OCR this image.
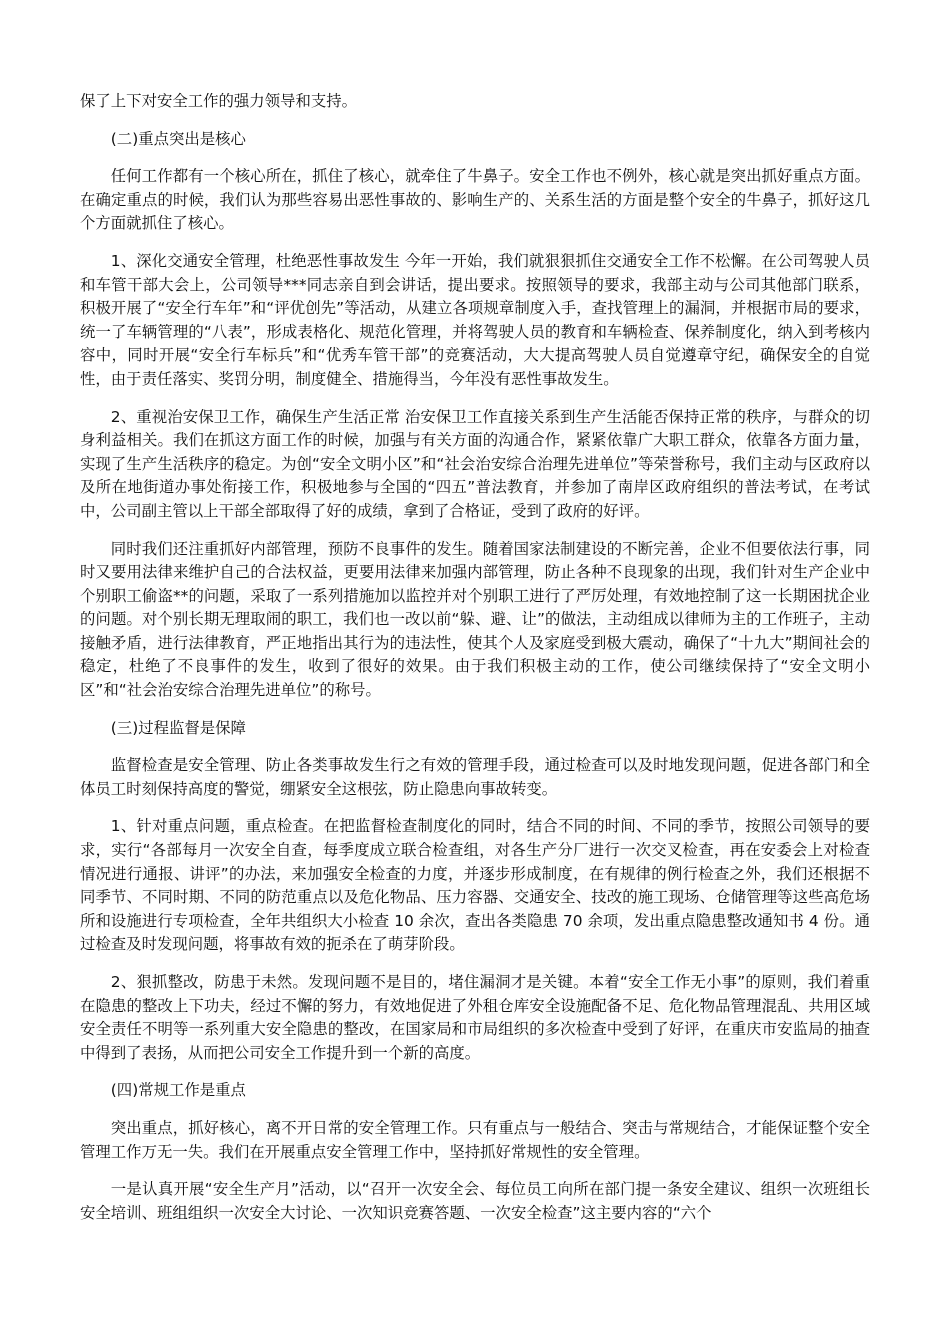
保了上下对安全工作的强力领导和支持。

(二)重点突出是核心

任何工作都有一个核心所在，抓住了核心，就牵住了牛鼻子。安全工作也不例外，核心就是突出抓好重点方面。在确定重点的时候，我们认为那些容易出恶性事故的、影响生产的、关系生活的方面是整个安全的牛鼻子，抓好这几个方面就抓住了核心。

1、深化交通安全管理，杜绝恶性事故发生 今年一开始，我们就狠狠抓住交通安全工作不松懈。在公司驾驶人员和车管干部大会上，公司领导***同志亲自到会讲话，提出要求。按照领导的要求，我部主动与公司其他部门联系，积极开展了“安全行车年”和“评优创先”等活动，从建立各项规章制度入手，查找管理上的漏洞，并根据市局的要求，统一了车辆管理的“八表”，形成表格化、规范化管理，并将驾驶人员的教育和车辆检查、保养制度化，纳入到考核内容中，同时开展“安全行车标兵”和“优秀车管干部”的竞赛活动，大大提高驾驶人员自觉遵章守纪，确保安全的自觉性，由于责任落实、奖罚分明，制度健全、措施得当，今年没有恶性事故发生。

2、重视治安保卫工作，确保生产生活正常 治安保卫工作直接关系到生产生活能否保持正常的秩序，与群众的切身利益相关。我们在抓这方面工作的时候，加强与有关方面的沟通合作，紧紧依靠广大职工群众，依靠各方面力量，实现了生产生活秩序的稳定。为创“安全文明小区”和“社会治安综合治理先进单位”等荣誉称号，我们主动与区政府以及所在地街道办事处衔接工作，积极地参与全国的“四五”普法教育，并参加了南岸区政府组织的普法考试，在考试中，公司副主管以上干部全部取得了好的成绩，拿到了合格证，受到了政府的好评。

同时我们还注重抓好内部管理，预防不良事件的发生。随着国家法制建设的不断完善，企业不但要依法行事，同时又要用法律来维护自己的合法权益，更要用法律来加强内部管理，防止各种不良现象的出现，我们针对生产企业中个别职工偷盗**的问题，采取了一系列措施加以监控并对个别职工进行了严厉处理，有效地控制了这一长期困扰企业的问题。对个别长期无理取闹的职工，我们也一改以前“躲、避、让”的做法，主动组成以律师为主的工作班子，主动接触矛盾，进行法律教育，严正地指出其行为的违法性，使其个人及家庭受到极大震动，确保了“十九大”期间社会的稳定，杜绝了不良事件的发生，收到了很好的效果。由于我们积极主动的工作，使公司继续保持了“安全文明小区”和“社会治安综合治理先进单位”的称号。

(三)过程监督是保障

监督检查是安全管理、防止各类事故发生行之有效的管理手段，通过检查可以及时地发现问题，促进各部门和全体员工时刻保持高度的警觉，绷紧安全这根弦，防止隐患向事故转变。

1、针对重点问题，重点检查。在把监督检查制度化的同时，结合不同的时间、不同的季节，按照公司领导的要求，实行“各部每月一次安全自查，每季度成立联合检查组，对各生产分厂进行一次交叉检查，再在安委会上对检查情况进行通报、讲评”的办法，来加强安全检查的力度，并逐步形成制度，在有规律的例行检查之外，我们还根据不同季节、不同时期、不同的防范重点以及危化物品、压力容器、交通安全、技改的施工现场、仓储管理等这些高危场所和设施进行专项检查，全年共组织大小检查 10 余次，查出各类隐患 70 余项，发出重点隐患整改通知书 4 份。通过检查及时发现问题，将事故有效的扼杀在了萌芽阶段。

2、狠抓整改，防患于未然。发现问题不是目的，堵住漏洞才是关键。本着“安全工作无小事”的原则，我们着重在隐患的整改上下功夫，经过不懈的努力，有效地促进了外租仓库安全设施配备不足、危化物品管理混乱、共用区域安全责任不明等一系列重大安全隐患的整改，在国家局和市局组织的多次检查中受到了好评，在重庆市安监局的抽查中得到了表扬，从而把公司安全工作提升到一个新的高度。

(四)常规工作是重点

突出重点，抓好核心，离不开日常的安全管理工作。只有重点与一般结合、突击与常规结合，才能保证整个安全管理工作万无一失。我们在开展重点安全管理工作中，坚持抓好常规性的安全管理。

一是认真开展“安全生产月”活动，以“召开一次安全会、每位员工向所在部门提一条安全建议、组织一次班组长安全培训、班组组织一次安全大讨论、一次知识竞赛答题、一次安全检查”这主要内容的“六个
